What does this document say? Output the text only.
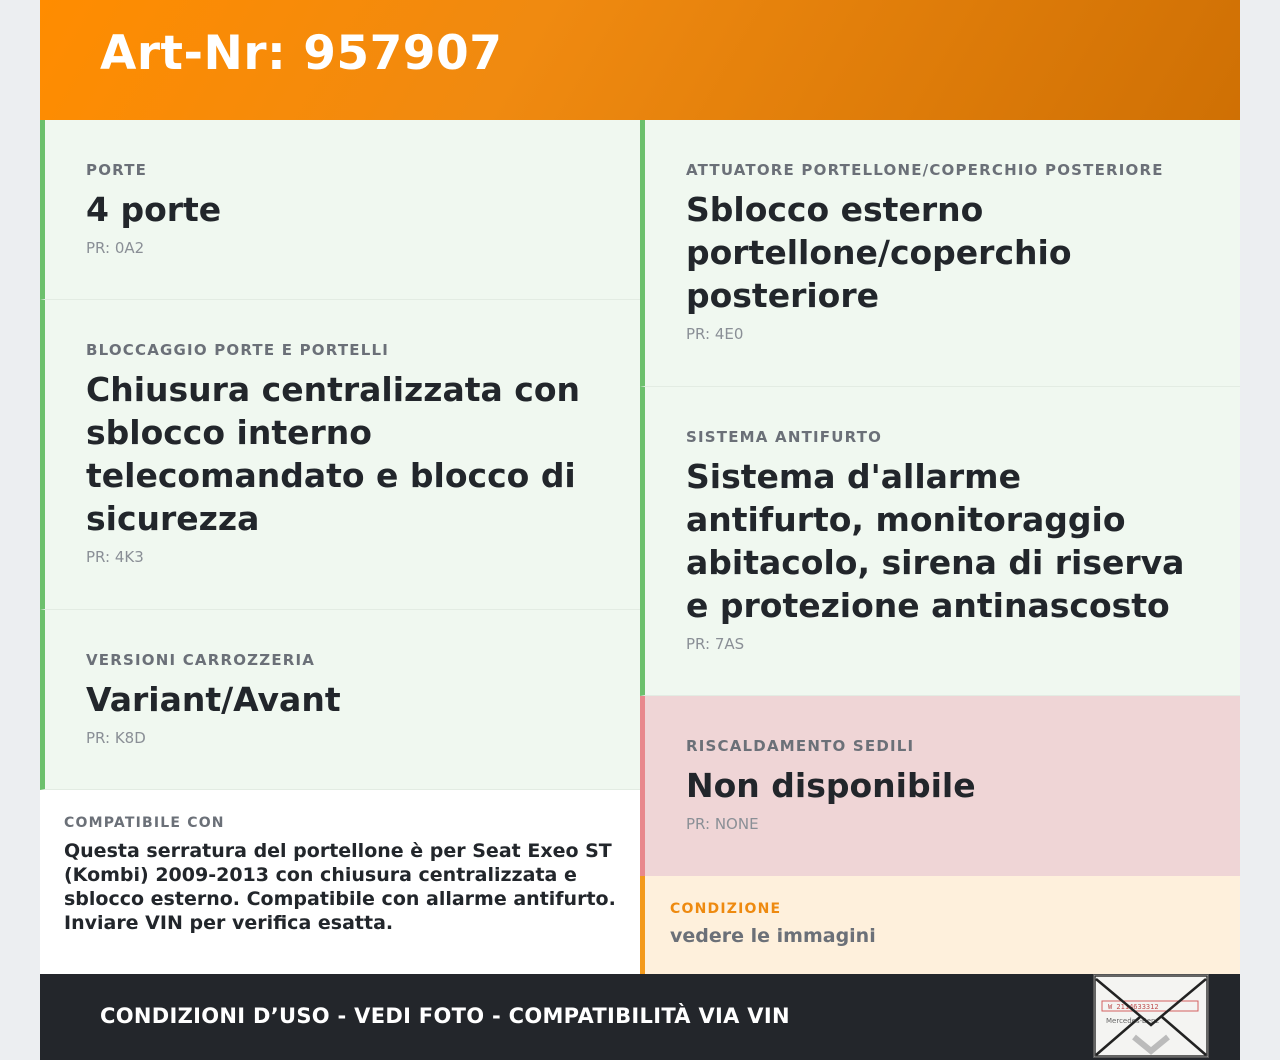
Art-Nr: 957907
PORTE
4 porte
PR: 0A2
BLOCCAGGIO PORTE E PORTELLI
Chiusura centralizzata con sblocco interno telecomandato e blocco di sicurezza
PR: 4K3
VERSIONI CARROZZERIA
Variant/Avant
PR: K8D
COMPATIBILE CON
Questa serratura del portellone è per Seat Exeo ST (Kombi) 2009-2013 con chiusura centralizzata e sblocco esterno. Compatibile con allarme antifurto. Inviare VIN per verifica esatta.
ATTUATORE PORTELLONE/COPERCHIO POSTERIORE
Sblocco esterno portellone/coperchio posteriore
PR: 4E0
SISTEMA ANTIFURTO
Sistema d'allarme antifurto, monitoraggio abitacolo, sirena di riserva e protezione antinascosto
PR: 7AS
RISCALDAMENTO SEDILI
Non disponibile
PR: NONE
CONDIZIONE
vedere le immagini
CONDIZIONI D’USO - VEDI FOTO - COMPATIBILITÀ VIA VIN	W 2114633312
Mercedes-Benz
